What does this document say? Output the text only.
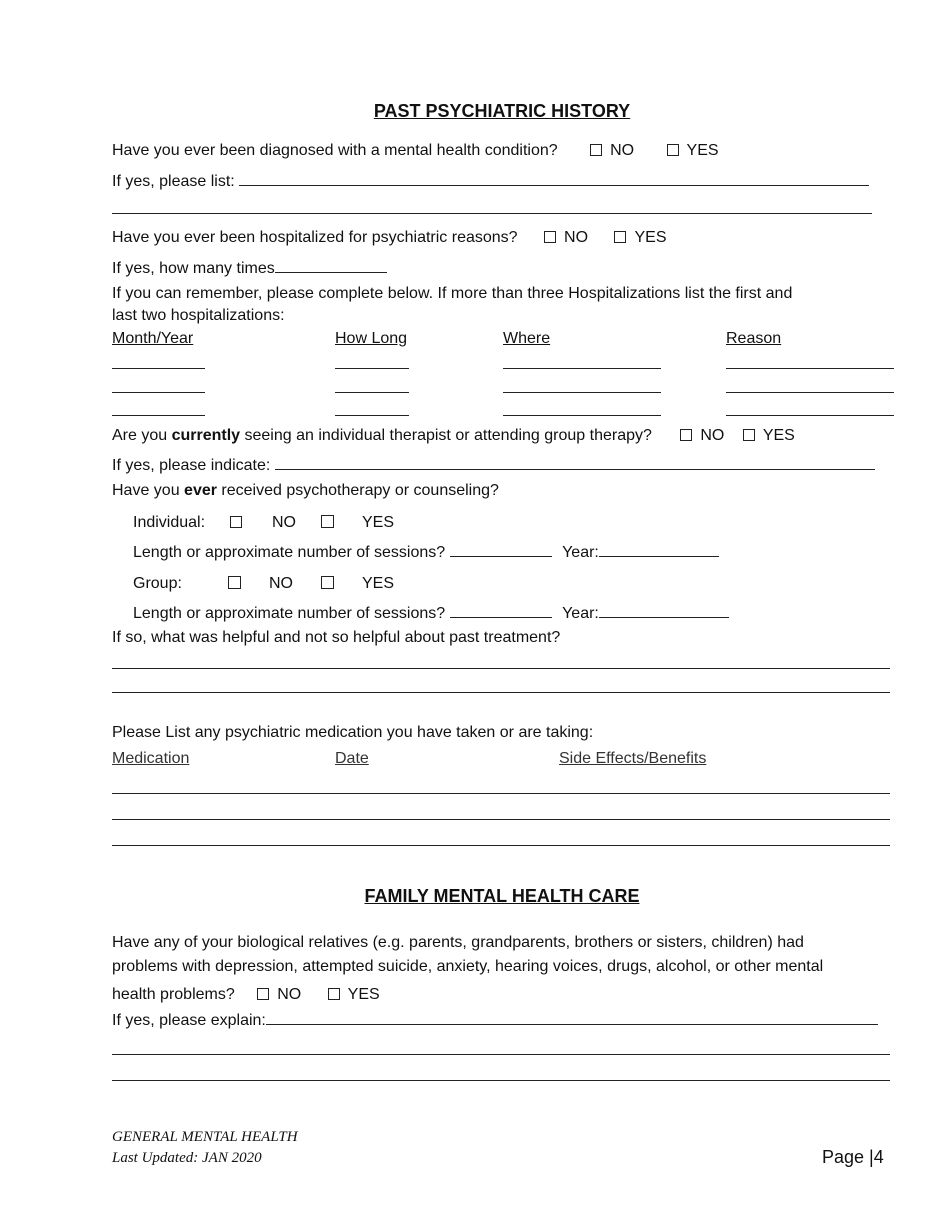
PAST PSYCHIATRIC HISTORY
Have you ever been diagnosed with a mental health condition?	NO	YES
If yes, please list:
Have you ever been hospitalized for psychiatric reasons?	NO	YES
If yes, how many times
If you can remember, please complete below. If more than three Hospitalizations list the first and
last two hospitalizations:
Month/Year	How Long	Where	Reason
Are you currently seeing an individual therapist or attending group therapy?	NO YES
If yes, please indicate:
Have you ever received psychotherapy or counseling?
Individual:	NO	YES
Length or approximate number of sessions?	Year:
Group:	NO	YES
Length or approximate number of sessions?	Year:
If so, what was helpful and not so helpful about past treatment?
Please List any psychiatric medication you have taken or are taking:
Medication	Date	Side Effects/Benefits
FAMILY MENTAL HEALTH CARE
Have any of your biological relatives (e.g. parents, grandparents, brothers or sisters, children) had
problems with depression, attempted suicide, anxiety, hearing voices, drugs, alcohol, or other mental
health problems?	NO	YES
If yes, please explain:
GENERAL MENTAL HEALTH
Last Updated: JAN 2020	Page |4
